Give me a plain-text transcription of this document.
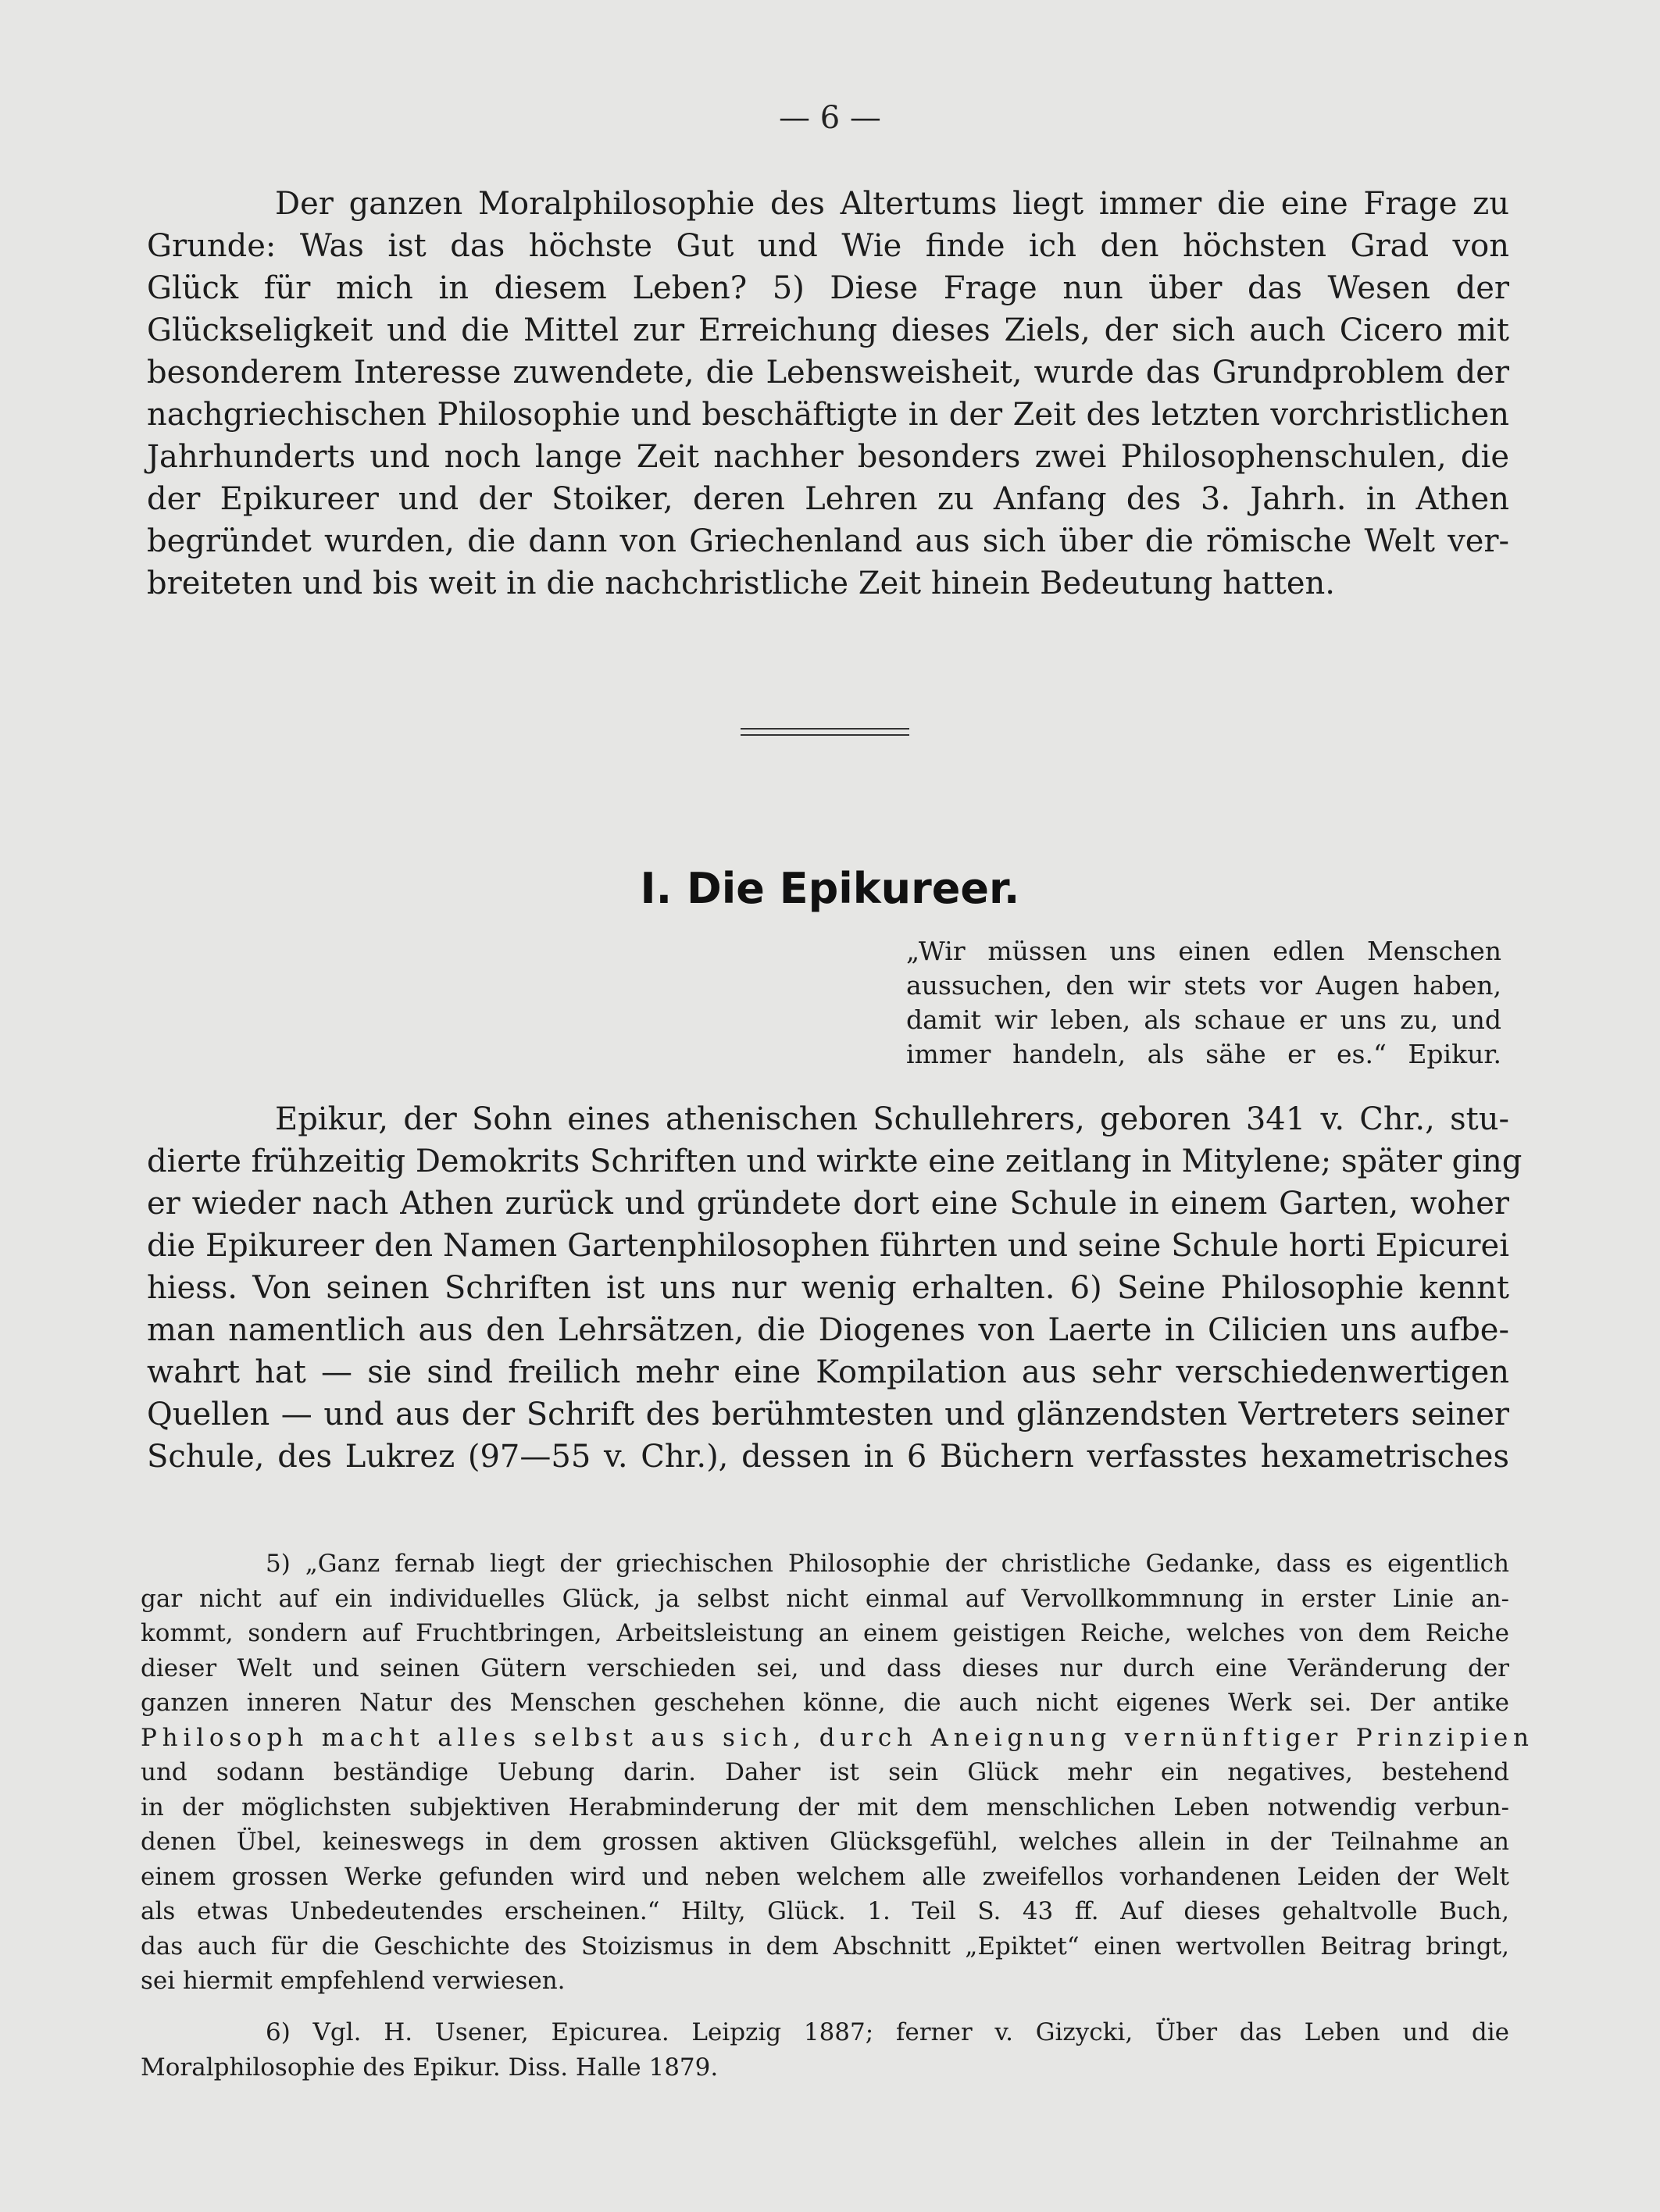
— 6 —
Der ganzen Moralphilosophie des Altertums liegt immer die eine Frage zu
Grunde: Was ist das höchste Gut und Wie finde ich den höchsten Grad von
Glück für mich in diesem Leben? 5) Diese Frage nun über das Wesen der
Glückseligkeit und die Mittel zur Erreichung dieses Ziels, der sich auch Cicero mit
besonderem Interesse zuwendete, die Lebensweisheit, wurde das Grundproblem der
nachgriechischen Philosophie und beschäftigte in der Zeit des letzten vorchristlichen
Jahrhunderts und noch lange Zeit nachher besonders zwei Philosophenschulen, die
der Epikureer und der Stoiker, deren Lehren zu Anfang des 3. Jahrh. in Athen
begründet wurden, die dann von Griechenland aus sich über die römische Welt ver-
breiteten und bis weit in die nachchristliche Zeit hinein Bedeutung hatten.
I. Die Epikureer.
„Wir müssen uns einen edlen Menschen
aussuchen, den wir stets vor Augen haben,
damit wir leben, als schaue er uns zu, und
immer handeln, als sähe er es.“ Epikur.
Epikur, der Sohn eines athenischen Schullehrers, geboren 341 v. Chr., stu-
dierte frühzeitig Demokrits Schriften und wirkte eine zeitlang in Mitylene; später ging
er wieder nach Athen zurück und gründete dort eine Schule in einem Garten, woher
die Epikureer den Namen Gartenphilosophen führten und seine Schule horti Epicurei
hiess. Von seinen Schriften ist uns nur wenig erhalten. 6) Seine Philosophie kennt
man namentlich aus den Lehrsätzen, die Diogenes von Laerte in Cilicien uns aufbe-
wahrt hat — sie sind freilich mehr eine Kompilation aus sehr verschiedenwertigen
Quellen — und aus der Schrift des berühmtesten und glänzendsten Vertreters seiner
Schule, des Lukrez (97—55 v. Chr.), dessen in 6 Büchern verfasstes hexametrisches
5) „Ganz fernab liegt der griechischen Philosophie der christliche Gedanke, dass es eigentlich
gar nicht auf ein individuelles Glück, ja selbst nicht einmal auf Vervollkommnung in erster Linie an-
kommt, sondern auf Fruchtbringen, Arbeitsleistung an einem geistigen Reiche, welches von dem Reiche
dieser Welt und seinen Gütern verschieden sei, und dass dieses nur durch eine Veränderung der
ganzen inneren Natur des Menschen geschehen könne, die auch nicht eigenes Werk sei. Der antike
Philosoph macht alles selbst aus sich, durch Aneignung vernünftiger Prinzipien
und sodann beständige Uebung darin. Daher ist sein Glück mehr ein negatives, bestehend
in der möglichsten subjektiven Herabminderung der mit dem menschlichen Leben notwendig verbun-
denen Übel, keineswegs in dem grossen aktiven Glücksgefühl, welches allein in der Teilnahme an
einem grossen Werke gefunden wird und neben welchem alle zweifellos vorhandenen Leiden der Welt
als etwas Unbedeutendes erscheinen.“ Hilty, Glück. 1. Teil S. 43 ff. Auf dieses gehaltvolle Buch,
das auch für die Geschichte des Stoizismus in dem Abschnitt „Epiktet“ einen wertvollen Beitrag bringt,
sei hiermit empfehlend verwiesen.
6) Vgl. H. Usener, Epicurea. Leipzig 1887; ferner v. Gizycki, Über das Leben und die
Moralphilosophie des Epikur. Diss. Halle 1879.
